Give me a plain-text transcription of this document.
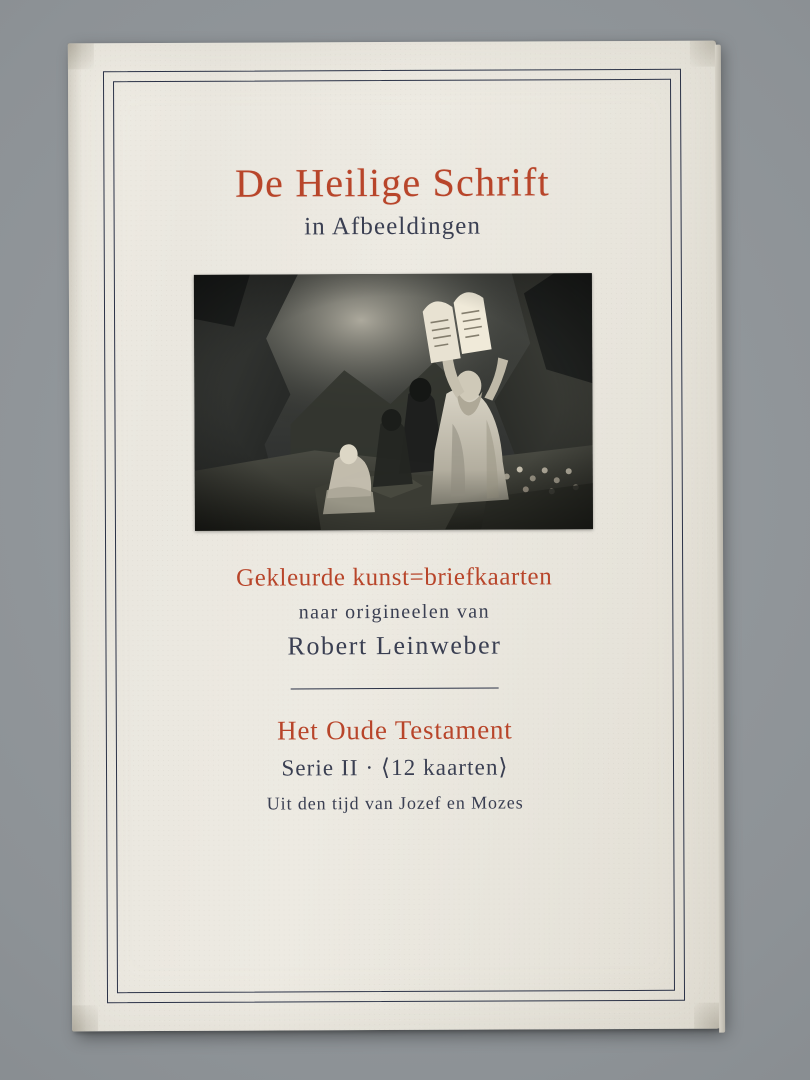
De Heilige Schrift
in Afbeeldingen
Gekleurde kunst=briefkaarten
naar origineelen van
Robert Leinweber
Het Oude Testament
Serie II · ⟨12 kaarten⟩
Uit den tijd van Jozef en Mozes
